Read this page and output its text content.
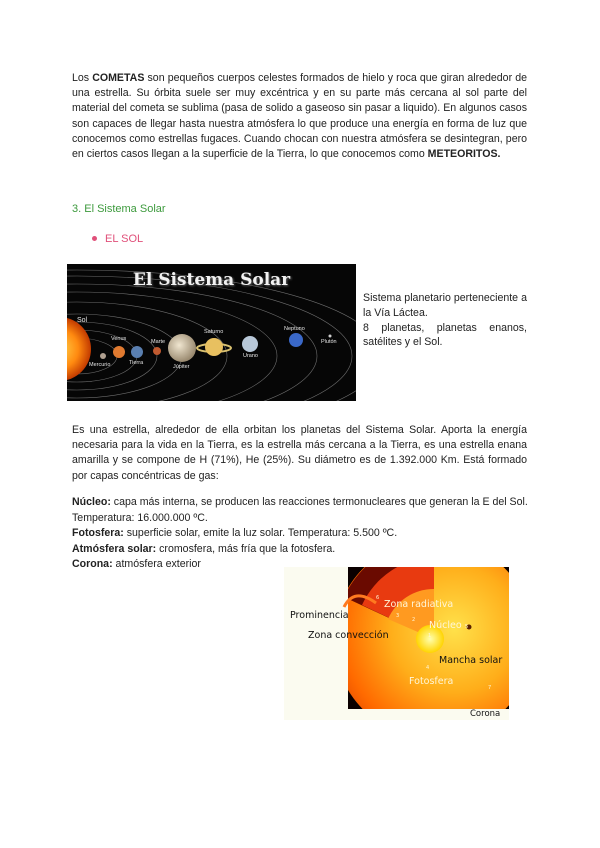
Los COMETAS son pequeños cuerpos celestes formados de hielo y roca que giran alrededor de una estrella. Su órbita suele ser muy excéntrica y en su parte más cercana al sol parte del material del cometa se sublima (pasa de solido a gaseoso sin pasar a liquido). En algunos casos son capaces de llegar hasta nuestra atmósfera lo que produce una energía en forma de luz que conocemos como estrellas fugaces. Cuando chocan con nuestra atmósfera se desintegran, pero en ciertos casos llegan a la superficie de la Tierra, lo que conocemos como METEORITOS.

3. El Sistema Solar

EL SOL
El Sistema Solar
Sol
Mercurio
Venus
Tierra
Marte
Júpiter
Saturno
Urano
Neptuno
Plutón
Sistema planetario perteneciente a la Vía Láctea.
8 planetas, planetas enanos, satélites y el Sol.

Es una estrella, alrededor de ella orbitan los planetas del Sistema Solar. Aporta la energía necesaria para la vida en la Tierra, es la estrella más cercana a la Tierra, es una estrella enana amarilla y se compone de H (71%), He (25%). Su diámetro es de 1.392.000 Km. Está formado por capas concéntricas de gas:

Núcleo: capa más interna, se producen las reacciones termonucleares que generan la E del Sol. Temperatura: 16.000.000 ºC.
Fotosfera: superficie solar, emite la luz solar. Temperatura: 5.500 ºC.
Atmósfera solar: cromosfera, más fría que la fotosfera.
Corona: atmósfera exterior
Prominencia
Zona radiativa
Núcleo
Zona convección
Mancha solar
Fotosfera
Corona
1
2
3
4
5
6
7
